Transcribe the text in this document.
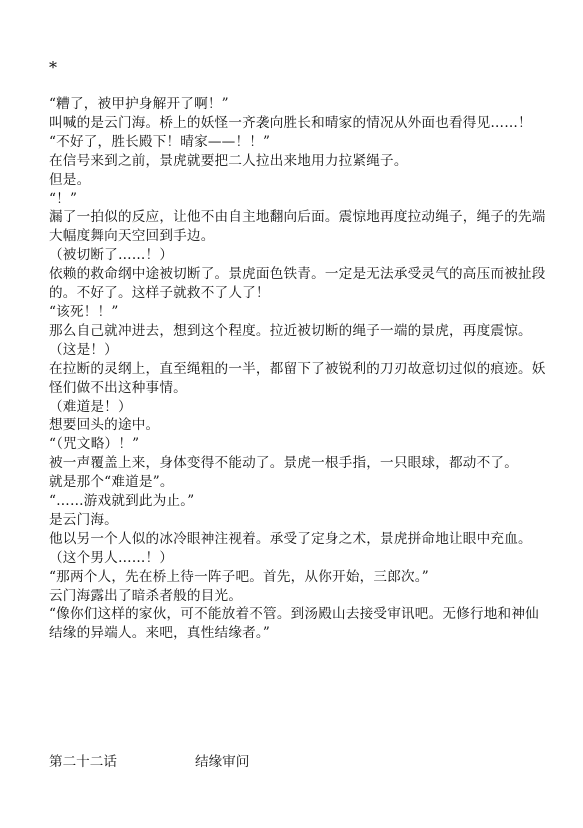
*

“糟了，被甲护身解开了啊！”

叫喊的是云门海。桥上的妖怪一齐袭向胜长和晴家的情况从外面也看得见……！

“不好了，胜长殿下！晴家——！！”

在信号来到之前，景虎就要把二人拉出来地用力拉紧绳子。

但是。

“！”

漏了一拍似的反应，让他不由自主地翻向后面。震惊地再度拉动绳子，绳子的先端大幅度舞向天空回到手边。

（被切断了……！）

依赖的救命纲中途被切断了。景虎面色铁青。一定是无法承受灵气的高压而被扯段的。不好了。这样子就救不了人了！

“该死！！”

那么自己就冲进去，想到这个程度。拉近被切断的绳子一端的景虎，再度震惊。

（这是！）

在拉断的灵纲上，直至绳粗的一半，都留下了被锐利的刀刃故意切过似的痕迹。妖怪们做不出这种事情。

（难道是！）

想要回头的途中。

“（咒文略）！”

被一声覆盖上来，身体变得不能动了。景虎一根手指，一只眼球，都动不了。

就是那个“难道是”。

“……游戏就到此为止。”

是云门海。

他以另一个人似的冰冷眼神注视着。承受了定身之术，景虎拼命地让眼中充血。

（这个男人……！）

“那两个人，先在桥上待一阵子吧。首先，从你开始，三郎次。”

云门海露出了暗杀者般的目光。

“像你们这样的家伙，可不能放着不管。到汤殿山去接受审讯吧。无修行地和神仙结缘的异端人。来吧，真性结缘者。”

第二十二话	结缘审问
